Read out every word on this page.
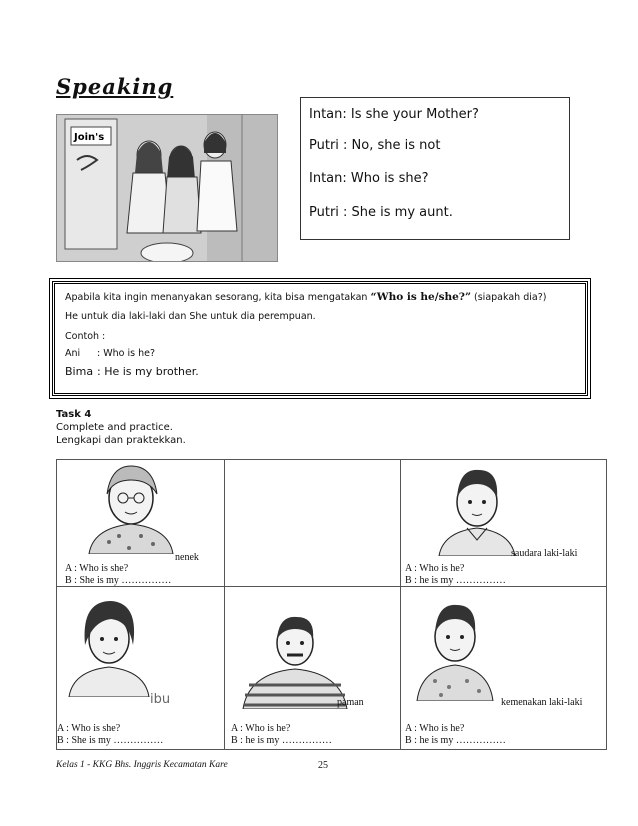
Speaking
Join's
Intan: Is she your Mother?
Putri : No, she is not
Intan: Who is she?
Putri : She is my aunt.
Apabila kita ingin menanyakan sesorang, kita bisa mengatakan “Who is he/she?” (siapakah dia?)
He untuk dia laki-laki dan She untuk dia perempuan.
Contoh :
Ani : Who is he?
Bima : He is my brother.
Task 4
Complete and practice.
Lengkapi dan praktekkan.
nenek
A : Who is she?
B : She is my ……………
saudara laki-laki
A : Who is he?
B : he is my ……………
ibu
A : Who is she?
B : She is my ……………
paman
A : Who is he?
B : he is my ……………
kemenakan laki-laki
A : Who is he?
B : he is my ……………
Kelas 1 - KKG Bhs. Inggris Kecamatan Kare	25
